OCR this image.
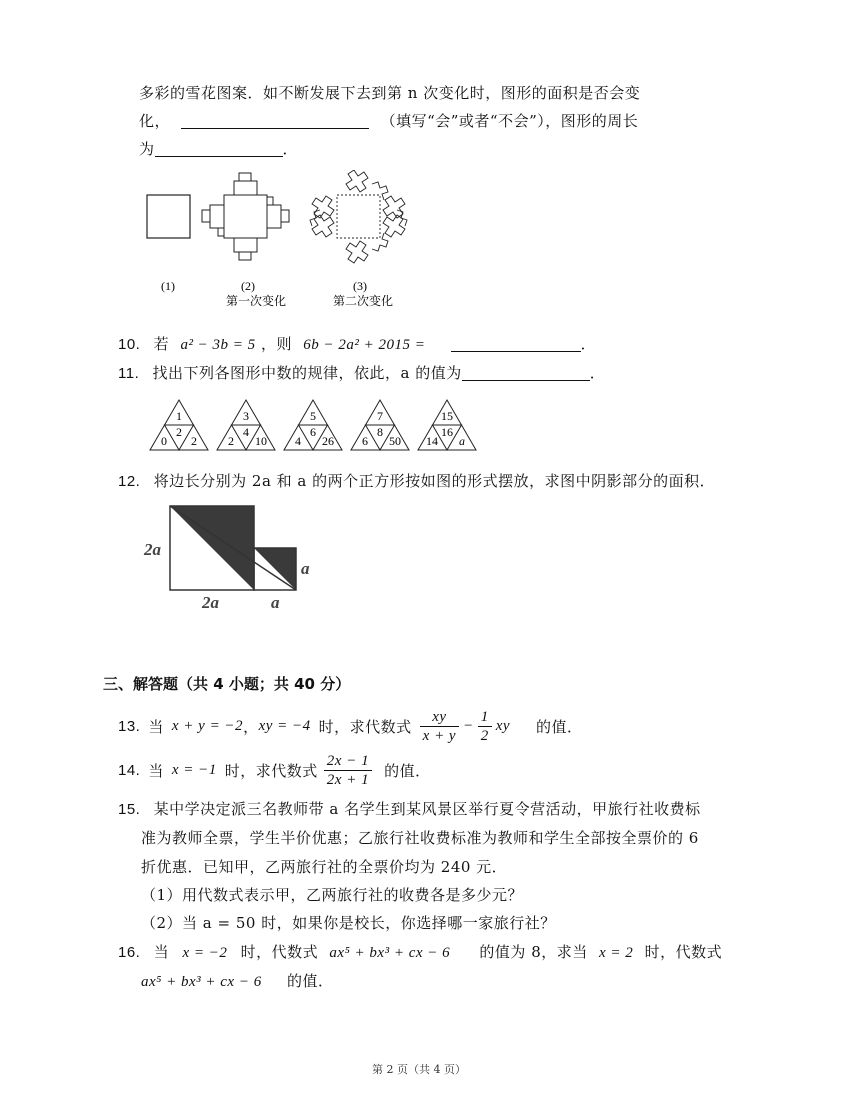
多彩的雪花图案．如不断发展下去到第 n 次变化时，图形的面积是否会变
化，	（填写“会”或者“不会”），图形的周长
为	．
(1)	(2)	(3)
第一次变化	第二次变化
10. 若 a² − 3b = 5 ，则 6b − 2a² + 2015 =	．
11. 找出下列各图形中数的规律，依此，a 的值为	．
1
2
0 2
3
4
2 10
5
6
4 26
7
8
6 50
15
16
14 a
12. 将边长分别为 2a 和 a 的两个正方形按如图的形式摆放，求图中阴影部分的面积．
2a
2a	a
a
三、解答题（共 4 小题；共 40 分）
13. 当 x + y = −2 ， xy = −4 时，求代数式 $\frac{xy}{x + y} - \frac{1}{2}$ xy 的值．
14. 当 x = −1 时，求代数式 $\frac{2x - 1}{2x + 1}$ 的值．
15. 某中学决定派三名教师带 a 名学生到某风景区举行夏令营活动，甲旅行社收费标
准为教师全票，学生半价优惠；乙旅行社收费标准为教师和学生全部按全票价的 6
折优惠．已知甲，乙两旅行社的全票价均为 240 元．
（1）用代数式表示甲，乙两旅行社的收费各是多少元？
（2）当 a = 50 时，如果你是校长，你选择哪一家旅行社？
16. 当 x = −2 时，代数式 ax⁵ + bx³ + cx − 6 的值为 8，求当 x = 2 时，代数式
ax⁵ + bx³ + cx − 6 的值．
第 2 页（共 4 页）
